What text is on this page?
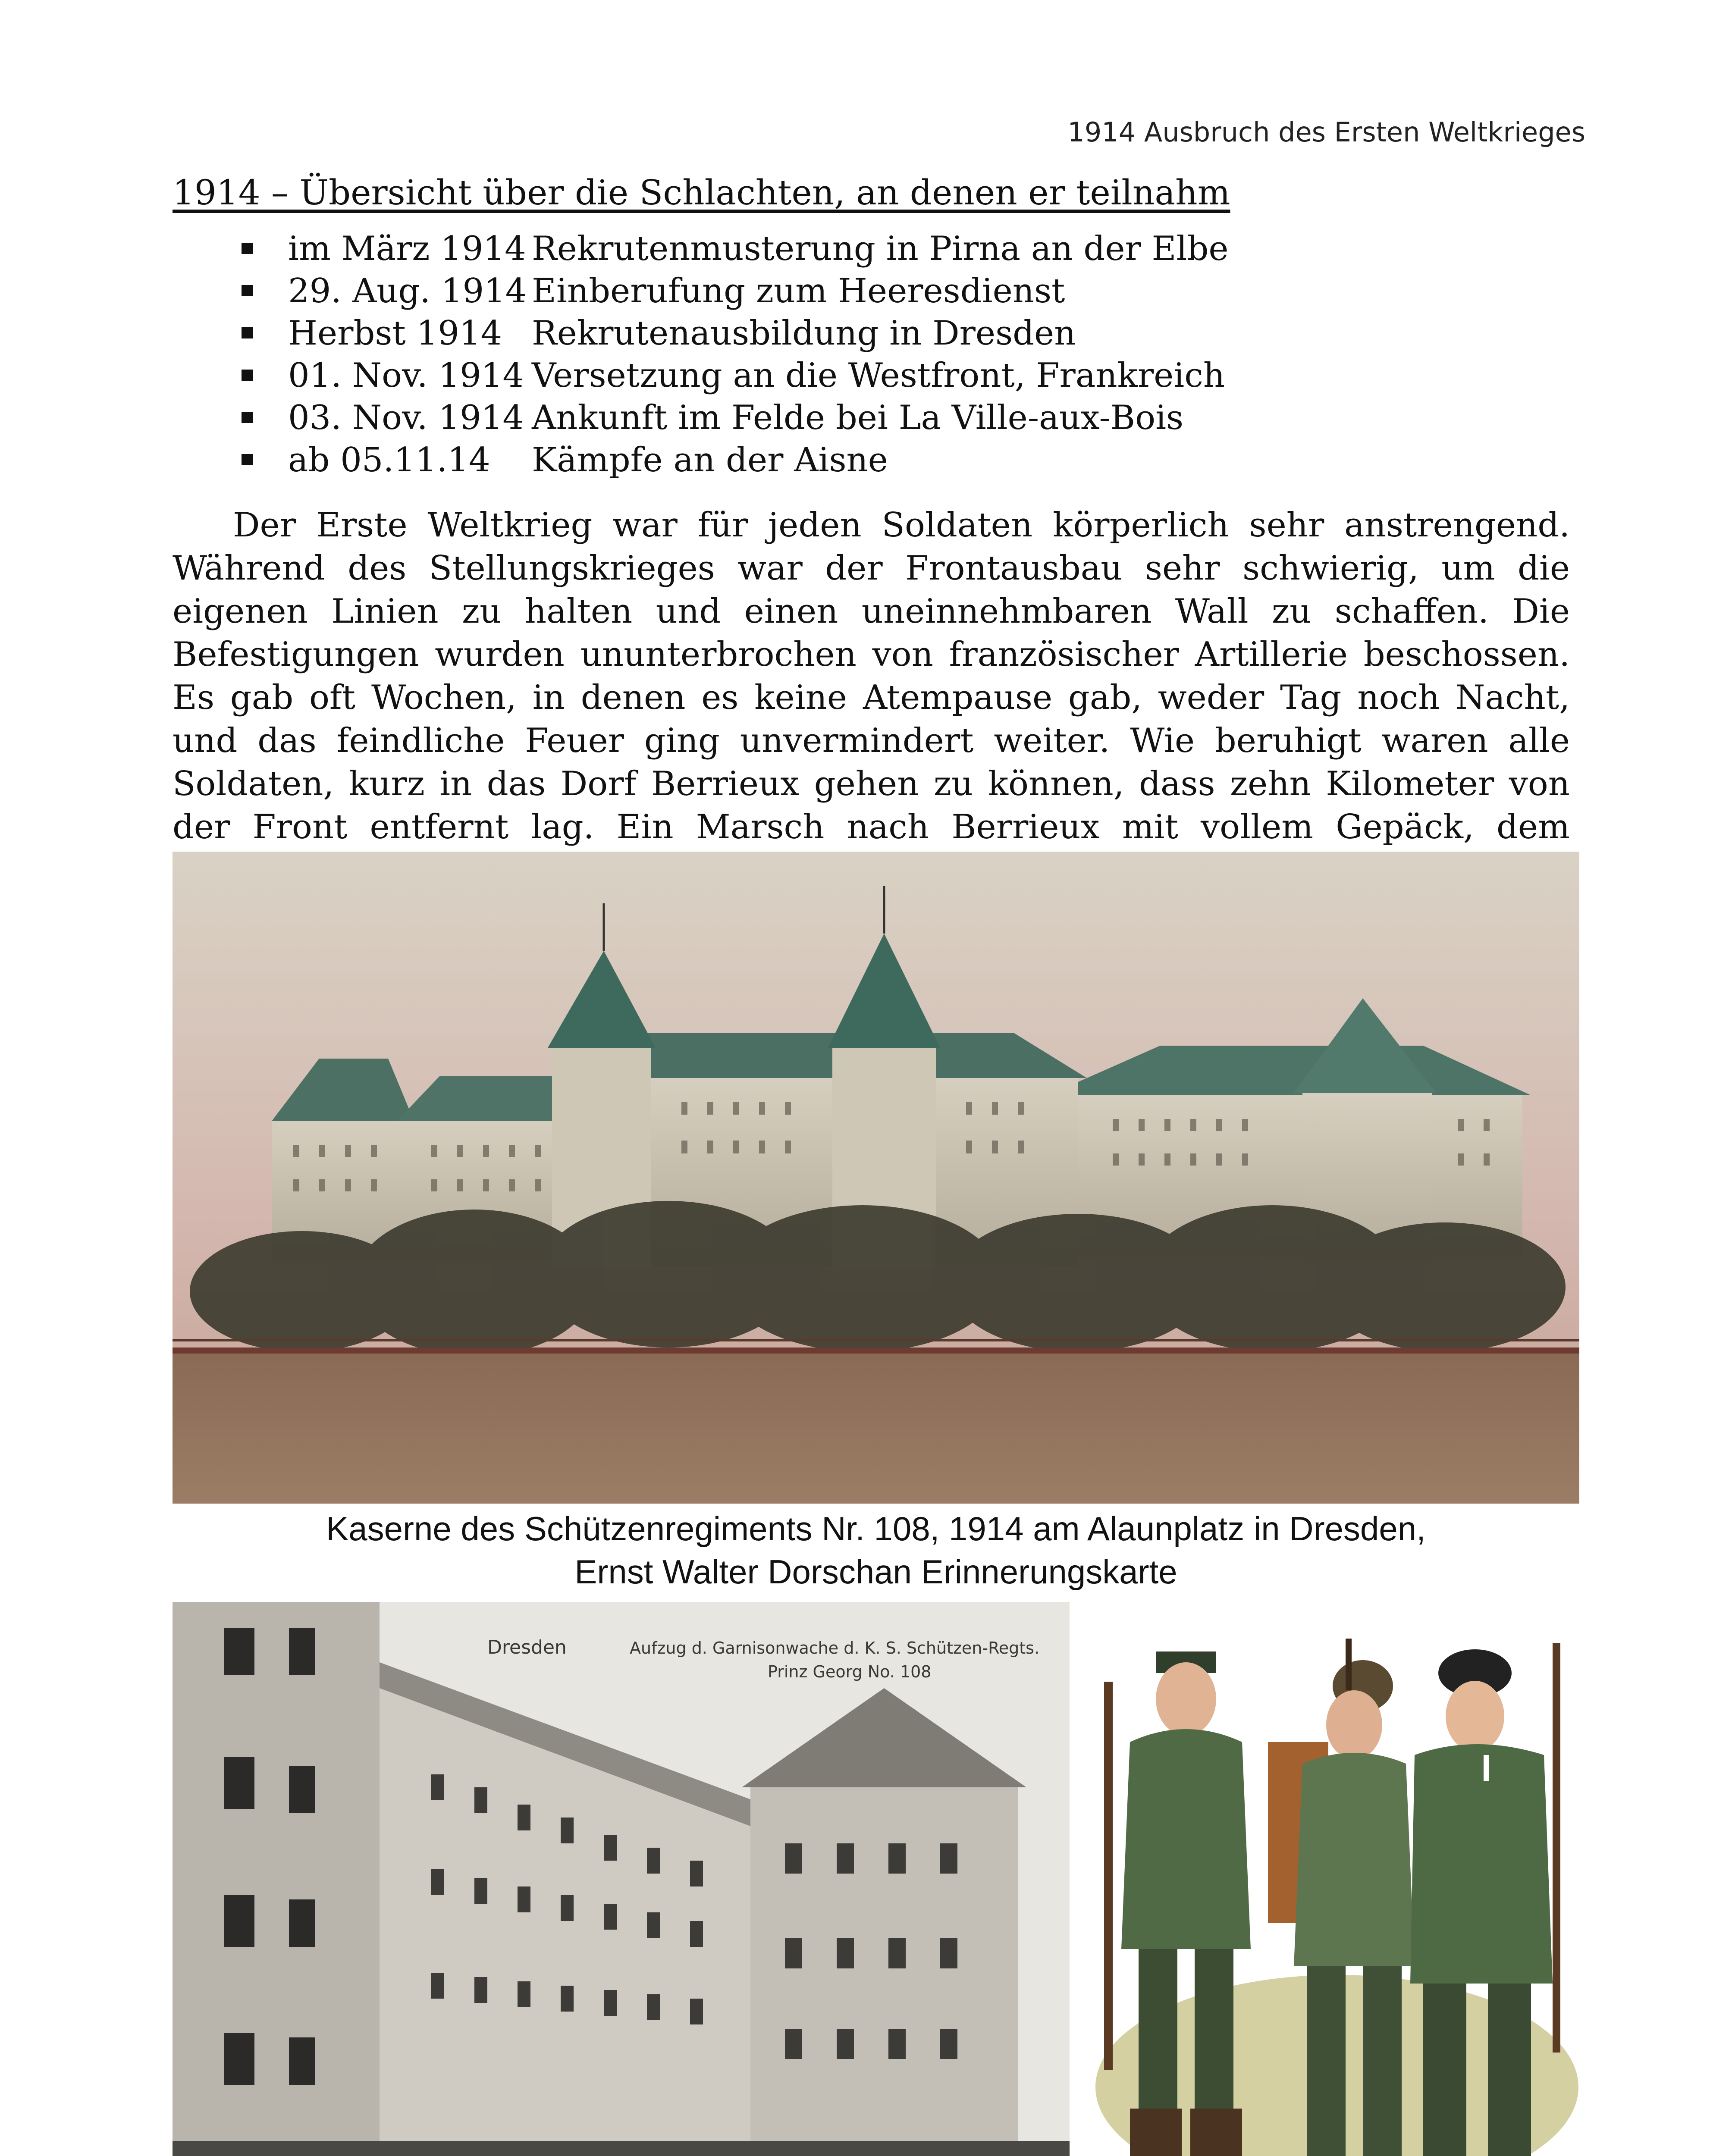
1914 Ausbruch des Ersten Weltkrieges
1914 – Übersicht über die Schlachten, an denen er teilnahm
im März 1914 Rekrutenmusterung in Pirna an der Elbe
29. Aug. 1914 Einberufung zum Heeresdienst
Herbst 1914 Rekrutenausbildung in Dresden
01. Nov. 1914 Versetzung an die Westfront, Frankreich
03. Nov. 1914 Ankunft im Felde bei La Ville-aux-Bois
ab 05.11.14	Kämpfe an der Aisne

Der Erste Weltkrieg war für jeden Soldaten körperlich sehr anstrengend. Während des Stellungskrieges war der Frontausbau sehr schwierig, um die eigenen Linien zu halten und einen uneinnehmbaren Wall zu schaffen. Die Befestigungen wurden ununterbrochen von französischer Artillerie beschossen. Es gab oft Wochen, in denen es keine Atempause gab, weder Tag noch Nacht, und das feindliche Feuer ging unvermindert weiter. Wie beruhigt waren alle Soldaten, kurz in das Dorf Berrieux gehen zu können, dass zehn Kilometer von der Front entfernt lag. Ein Marsch nach Berrieux mit vollem Gepäck, dem

Kaserne des Schützenregiments Nr. 108, 1914 am Alaunplatz in Dresden,
Ernst Walter Dorschan Erinnerungskarte
Dresden	Aufzug d. Garnisonwache d. K. S. Schützen-Regts.
Prinz Georg No. 108
